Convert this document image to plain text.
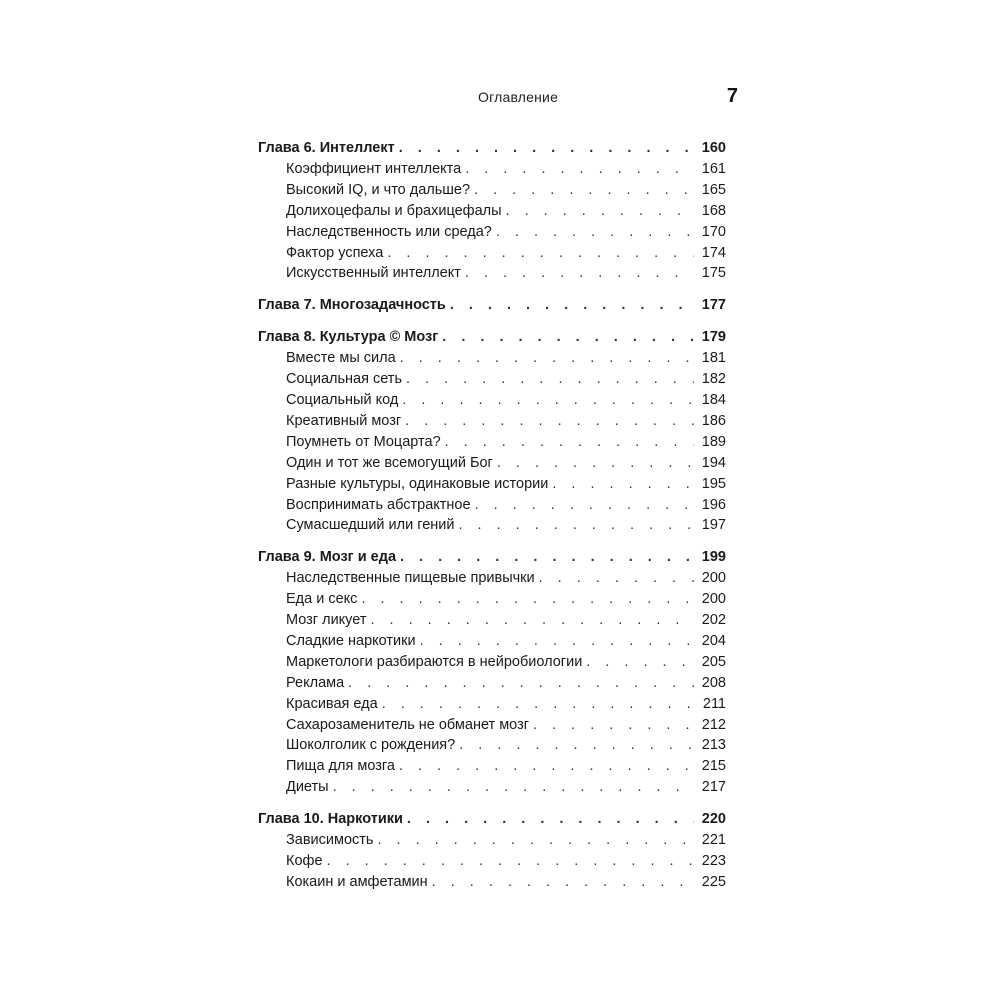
Оглавление	7
Глава 6. Интеллект . . .	160
Коэффициент интеллекта . . .	161
Высокий IQ, и что дальше? . . .	165
Долихоцефалы и брахицефалы . . .	168
Наследственность или среда? . . .	170
Фактор успеха . . .	174
Искусственный интеллект . . .	175
Глава 7. Многозадачность . . .	177
Глава 8. Культура © Мозг . . .	179
Вместе мы сила . . .	181
Социальная сеть . . .	182
Социальный код . . .	184
Креативный мозг . . .	186
Поумнеть от Моцарта? . . .	189
Один и тот же всемогущий Бог . . .	194
Разные культуры, одинаковые истории . . .	195
Воспринимать абстрактное . . .	196
Сумасшедший или гений . . .	197
Глава 9. Мозг и еда . . .	199
Наследственные пищевые привычки . . .	200
Еда и секс . . .	200
Мозг ликует . . .	202
Сладкие наркотики . . .	204
Маркетологи разбираются в нейробиологии . . .	205
Реклама . . .	208
Красивая еда . . .	211
Сахарозаменитель не обманет мозг . . .	212
Шоколголик с рождения? . . .	213
Пища для мозга . . .	215
Диеты . . .	217
Глава 10. Наркотики . . .	220
Зависимость . . .	221
Кофе . . .	223
Кокаин и амфетамин . . .	225
